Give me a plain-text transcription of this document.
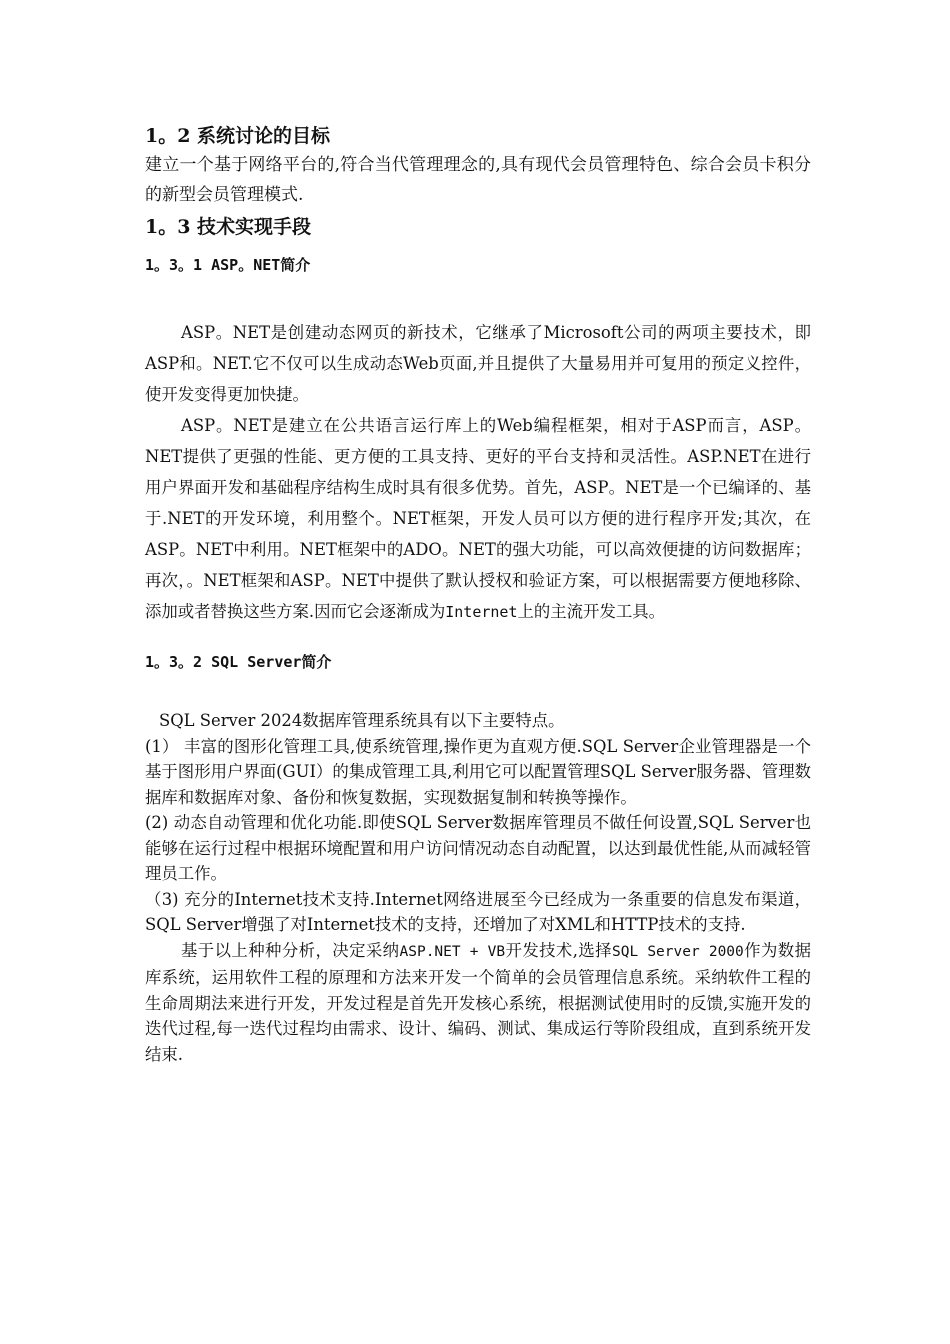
1。2 系统讨论的目标

建立一个基于网络平台的,符合当代管理理念的,具有现代会员管理特色、综合会员卡积分的新型会员管理模式.

1。3 技术实现手段
1。3。1 ASP。NET简介

ASP。NET是创建动态网页的新技术，它继承了Microsoft公司的两项主要技术，即ASP和。NET.它不仅可以生成动态Web页面,并且提供了大量易用并可复用的预定义控件，使开发变得更加快捷。

ASP。NET是建立在公共语言运行库上的Web编程框架，相对于ASP而言，ASP。NET提供了更强的性能、更方便的工具支持、更好的平台支持和灵活性。ASP.NET在进行用户界面开发和基础程序结构生成时具有很多优势。首先，ASP。NET是一个已编译的、基于.NET的开发环境，利用整个。NET框架，开发人员可以方便的进行程序开发;其次，在ASP。NET中利用。NET框架中的ADO。NET的强大功能，可以高效便捷的访问数据库；再次，。NET框架和ASP。NET中提供了默认授权和验证方案，可以根据需要方便地移除、添加或者替换这些方案.因而它会逐渐成为Internet上的主流开发工具。

1。3。2 SQL Server简介

SQL Server 2024数据库管理系统具有以下主要特点。

(1） 丰富的图形化管理工具,使系统管理,操作更为直观方便.SQL Server企业管理器是一个基于图形用户界面(GUI）的集成管理工具,利用它可以配置管理SQL Server服务器、管理数据库和数据库对象、备份和恢复数据，实现数据复制和转换等操作。

(2) 动态自动管理和优化功能.即使SQL Server数据库管理员不做任何设置,SQL Server也能够在运行过程中根据环境配置和用户访问情况动态自动配置，以达到最优性能,从而减轻管理员工作。

（3) 充分的Internet技术支持.Internet网络进展至今已经成为一条重要的信息发布渠道，SQL Server增强了对Internet技术的支持，还增加了对XML和HTTP技术的支持.

基于以上种种分析，决定采纳ASP.NET + VB开发技术,选择SQL Server 2000作为数据库系统，运用软件工程的原理和方法来开发一个简单的会员管理信息系统。采纳软件工程的生命周期法来进行开发，开发过程是首先开发核心系统，根据测试使用时的反馈,实施开发的迭代过程,每一迭代过程均由需求、设计、编码、测试、集成运行等阶段组成，直到系统开发结束.
